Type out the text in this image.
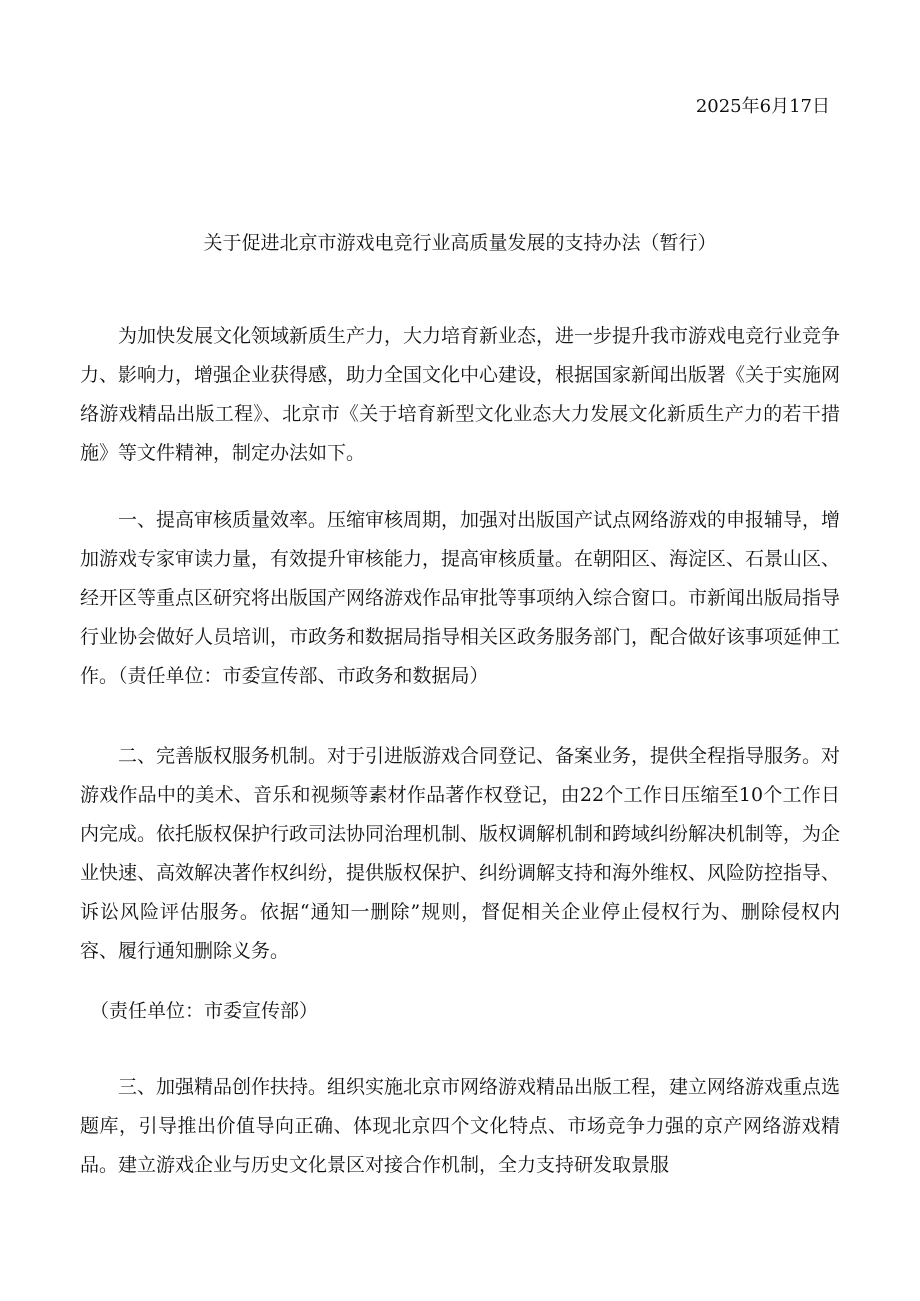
2025年6月17日
关于促进北京市游戏电竞行业高质量发展的支持办法（暂行）

为加快发展文化领域新质生产力，大力培育新业态，进一步提升我市游戏电竞行业竞争力、影响力，增强企业获得感，助力全国文化中心建设，根据国家新闻出版署《关于实施网络游戏精品出版工程》、北京市《关于培育新型文化业态大力发展文化新质生产力的若干措施》等文件精神，制定办法如下。

一、提高审核质量效率。压缩审核周期，加强对出版国产试点网络游戏的申报辅导，增加游戏专家审读力量，有效提升审核能力，提高审核质量。在朝阳区、海淀区、石景山区、经开区等重点区研究将出版国产网络游戏作品审批等事项纳入综合窗口。市新闻出版局指导行业协会做好人员培训，市政务和数据局指导相关区政务服务部门，配合做好该事项延伸工作。（责任单位：市委宣传部、市政务和数据局）

二、完善版权服务机制。对于引进版游戏合同登记、备案业务，提供全程指导服务。对游戏作品中的美术、音乐和视频等素材作品著作权登记，由22个工作日压缩至10个工作日内完成。依托版权保护行政司法协同治理机制、版权调解机制和跨域纠纷解决机制等，为企业快速、高效解决著作权纠纷，提供版权保护、纠纷调解支持和海外维权、风险防控指导、诉讼风险评估服务。依据“通知一删除”规则，督促相关企业停止侵权行为、删除侵权内容、履行通知删除义务。

（责任单位：市委宣传部）

三、加强精品创作扶持。组织实施北京市网络游戏精品出版工程，建立网络游戏重点选题库，引导推出价值导向正确、体现北京四个文化特点、市场竞争力强的京产网络游戏精品。建立游戏企业与历史文化景区对接合作机制，全力支持研发取景服
